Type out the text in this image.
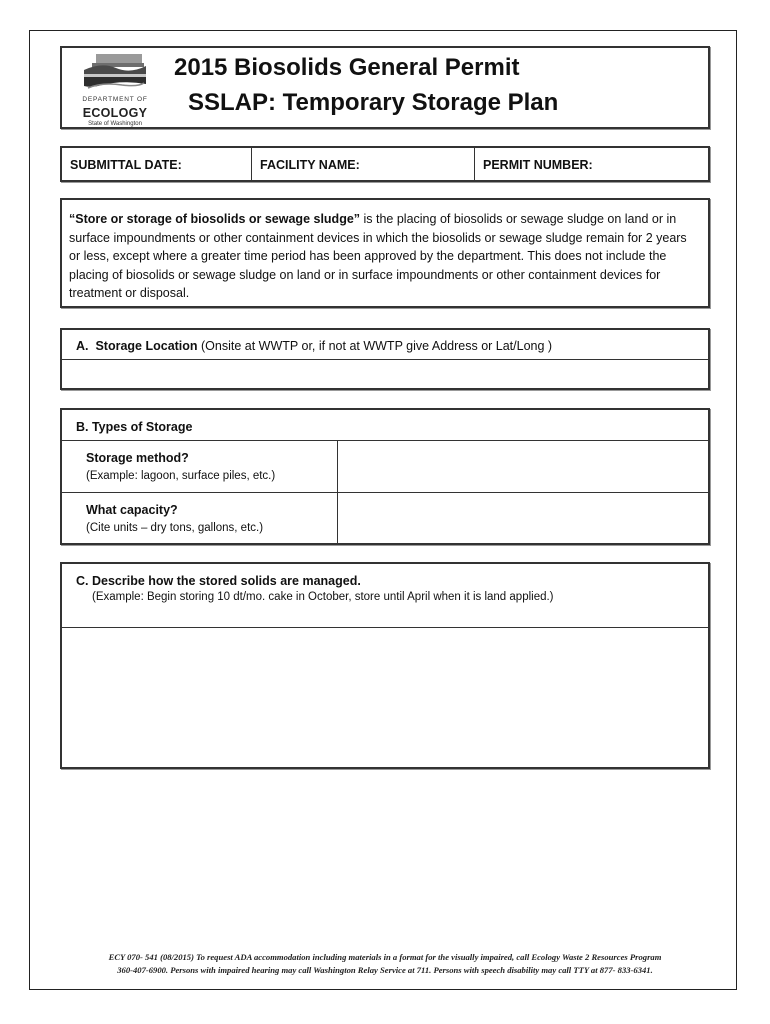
DEPARTMENT OF
ECOLOGY
State of Washington
2015 Biosolids General Permit
SSLAP: Temporary Storage Plan
SUBMITTAL DATE:	FACILITY NAME:	PERMIT NUMBER:
“Store or storage of biosolids or sewage sludge” is the placing of biosolids or sewage sludge on land or in surface impoundments or other containment devices in which the biosolids or sewage sludge remain for 2 years or less, except where a greater time period has been approved by the department. This does not include the placing of biosolids or sewage sludge on land or in surface impoundments or other containment devices for treatment or disposal.
A. Storage Location (Onsite at WWTP or, if not at WWTP give Address or Lat/Long )
B. Types of Storage
Storage method?
(Example: lagoon, surface piles, etc.)
What capacity?
(Cite units – dry tons, gallons, etc.)
C. Describe how the stored solids are managed.
(Example: Begin storing 10 dt/mo. cake in October, store until April when it is land applied.)
ECY 070- 541 (08/2015) To request ADA accommodation including materials in a format for the visually impaired, call Ecology Waste 2 Resources Program
360-407-6900. Persons with impaired hearing may call Washington Relay Service at 711. Persons with speech disability may call TTY at 877- 833-6341.
